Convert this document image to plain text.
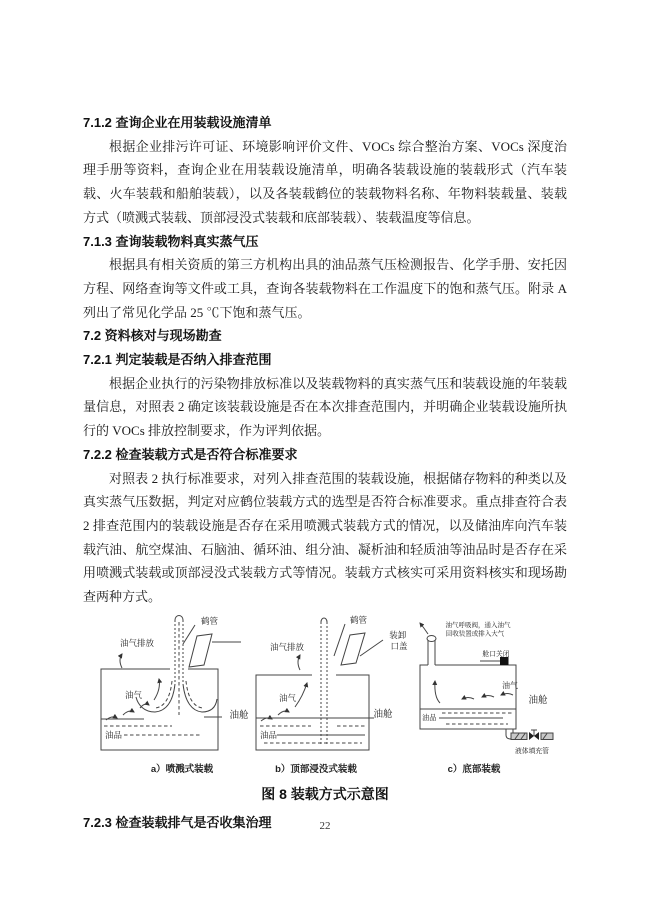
7.1.2 查询企业在用装载设施清单

根据企业排污许可证、环境影响评价文件、VOCs 综合整治方案、VOCs 深度治理手册等资料，查询企业在用装载设施清单，明确各装载设施的装载形式（汽车装载、火车装载和船舶装载），以及各装载鹤位的装载物料名称、年物料装载量、装载方式（喷溅式装载、顶部浸没式装载和底部装载）、装载温度等信息。

7.1.3 查询装载物料真实蒸气压

根据具有相关资质的第三方机构出具的油品蒸气压检测报告、化学手册、安托因方程、网络查询等文件或工具，查询各装载物料在工作温度下的饱和蒸气压。附录 A 列出了常见化学品 25 ℃下饱和蒸气压。

7.2 资料核对与现场勘查

7.2.1 判定装载是否纳入排查范围

根据企业执行的污染物排放标准以及装载物料的真实蒸气压和装载设施的年装载量信息，对照表 2 确定该装载设施是否在本次排查范围内，并明确企业装载设施所执行的 VOCs 排放控制要求，作为评判依据。

7.2.2 检查装载方式是否符合标准要求

对照表 2 执行标准要求，对列入排查范围的装载设施，根据储存物料的种类以及真实蒸气压数据，判定对应鹤位装载方式的选型是否符合标准要求。重点排查符合表 2 排查范围内的装载设施是否存在采用喷溅式装载方式的情况，以及储油库向汽车装载汽油、航空煤油、石脑油、循环油、组分油、凝析油和轻质油等油品时是否存在采用喷溅式装载或顶部浸没式装载方式等情况。装载方式核实可采用资料核实和现场勘查两种方式。

鹤管
油气排放
油气
油品
油舱
a）喷溅式装载
鹤管
装卸 口盖
油气排放
油气
油品
油舱
b）顶部浸没式装载
油气呼吸阀，通入油气
回收装置或排入大气
舱口关闭
油气
油舱
油品
液体填充管
c）底部装载

图 8 装载方式示意图

7.2.3 检查装载排气是否收集治理	22
